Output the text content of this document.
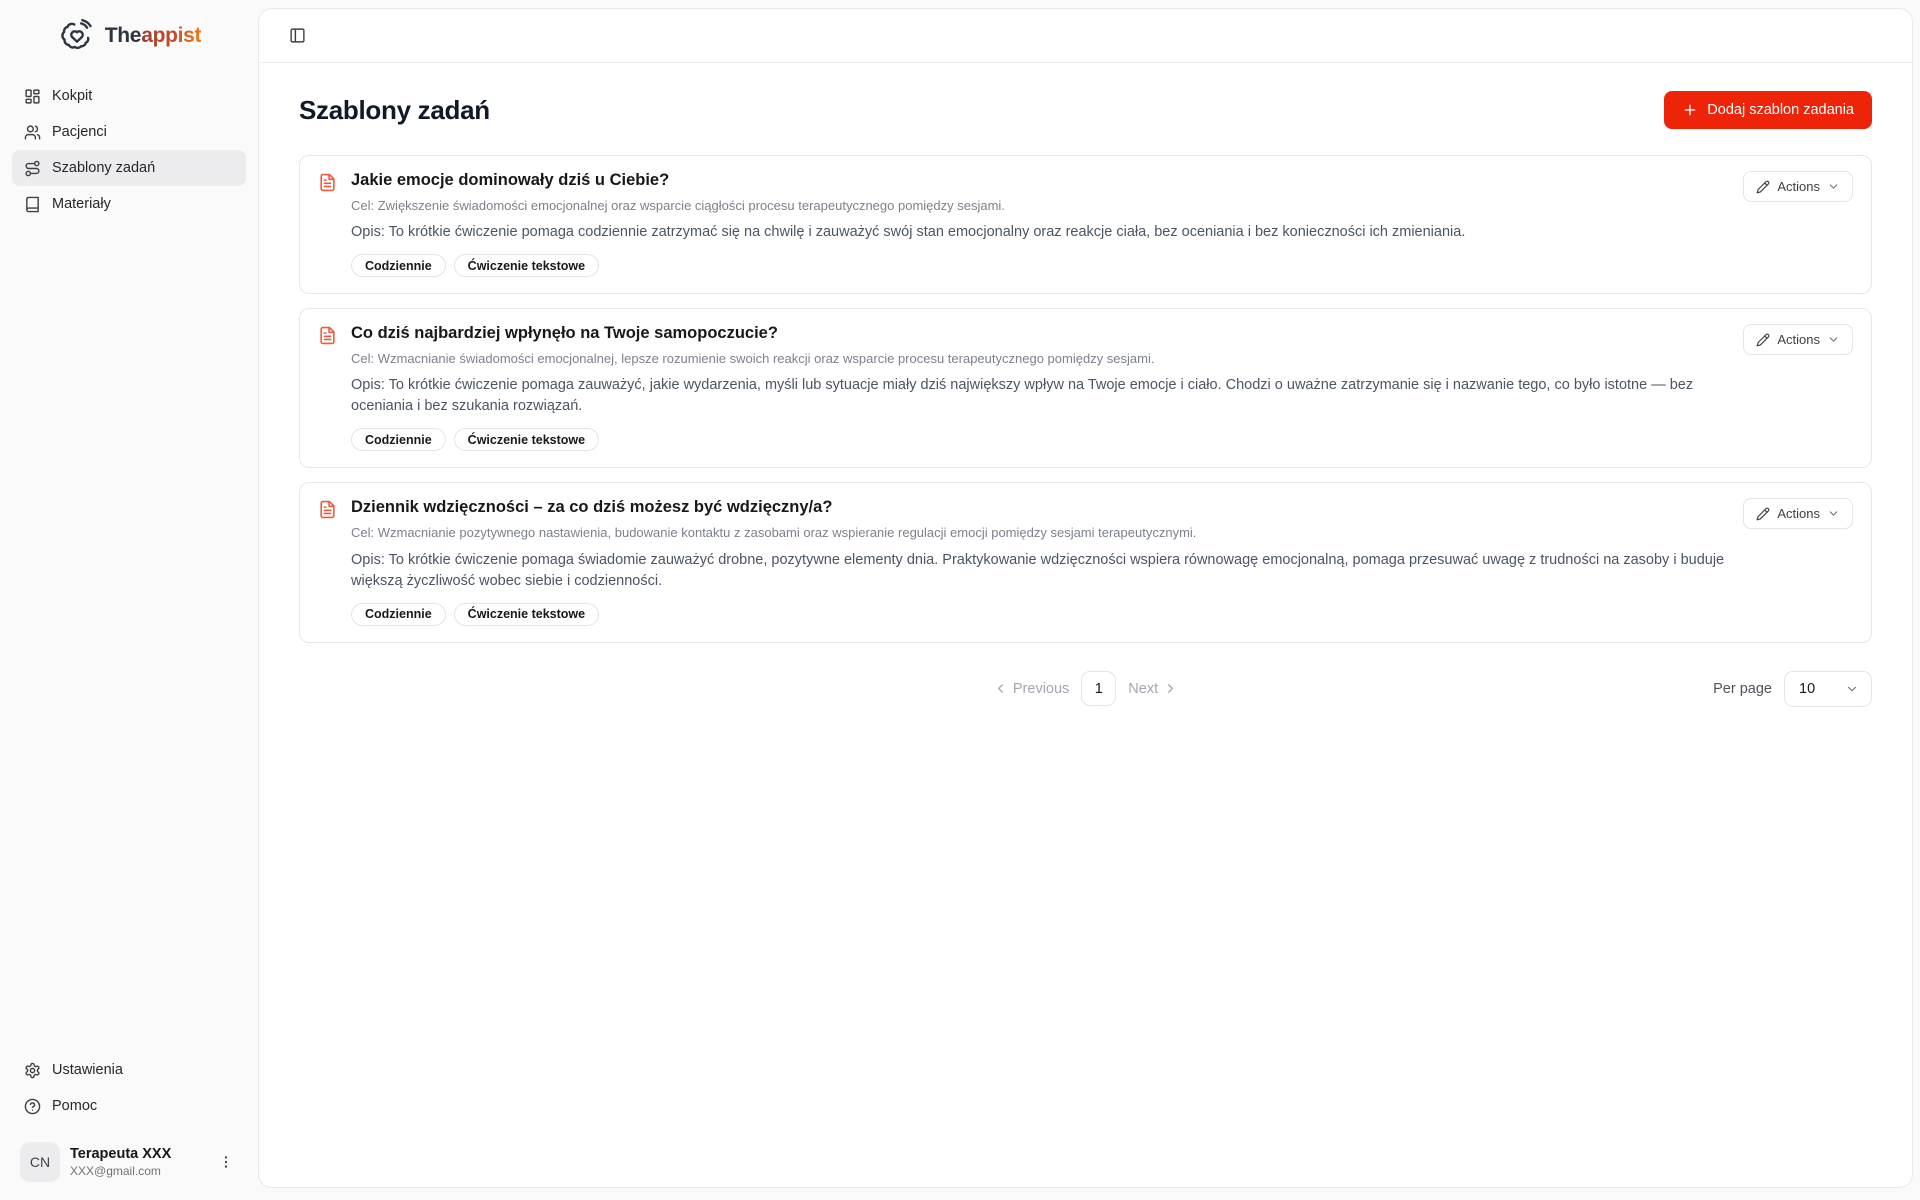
Theappist
Kokpit
Pacjenci
Szablony zadań
Materiały
Ustawienia
Pomoc
CN	Terapeuta XXX
XXX@gmail.com
Szablony zadań	Dodaj szablon zadania
Jakie emocje dominowały dziś u Ciebie?
Cel: Zwiększenie świadomości emocjonalnej oraz wsparcie ciągłości procesu terapeutycznego pomiędzy sesjami.
Opis: To krótkie ćwiczenie pomaga codziennie zatrzymać się na chwilę i zauważyć swój stan emocjonalny oraz reakcje ciała, bez oceniania i bez konieczności ich zmieniania.
Codziennie	Ćwiczenie tekstowe
Actions
Co dziś najbardziej wpłynęło na Twoje samopoczucie?
Cel: Wzmacnianie świadomości emocjonalnej, lepsze rozumienie swoich reakcji oraz wsparcie procesu terapeutycznego pomiędzy sesjami.
Opis: To krótkie ćwiczenie pomaga zauważyć, jakie wydarzenia, myśli lub sytuacje miały dziś największy wpływ na Twoje emocje i ciało. Chodzi o uważne zatrzymanie się i nazwanie tego, co było istotne — bez oceniania i bez szukania rozwiązań.
Codziennie	Ćwiczenie tekstowe
Actions
Dziennik wdzięczności – za co dziś możesz być wdzięczny/a?
Cel: Wzmacnianie pozytywnego nastawienia, budowanie kontaktu z zasobami oraz wspieranie regulacji emocji pomiędzy sesjami terapeutycznymi.
Opis: To krótkie ćwiczenie pomaga świadomie zauważyć drobne, pozytywne elementy dnia. Praktykowanie wdzięczności wspiera równowagę emocjonalną, pomaga przesuwać uwagę z trudności na zasoby i buduje większą życzliwość wobec siebie i codzienności.
Codziennie	Ćwiczenie tekstowe
Actions
Previous	1	Next	Per page 10
